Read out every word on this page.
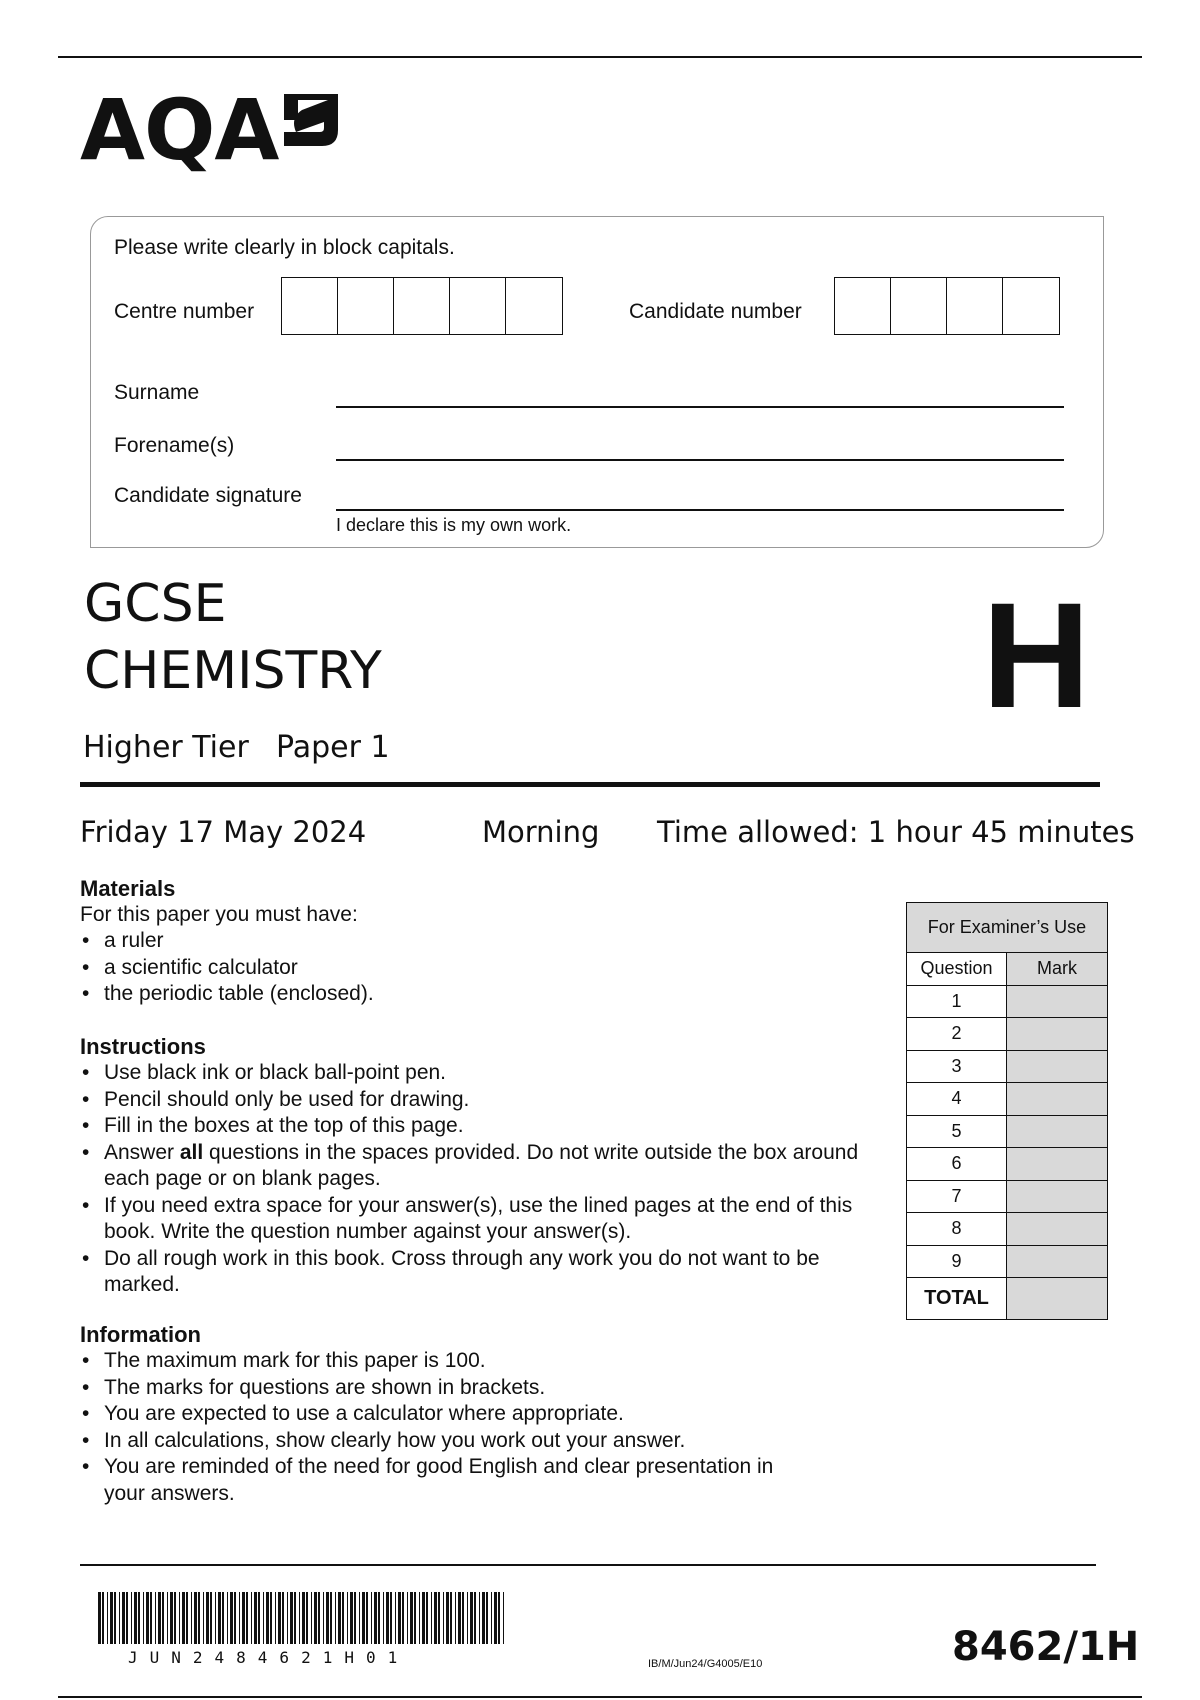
AQA
Please write clearly in block capitals.
Centre number	Candidate number
Surname
Forename(s)
Candidate signature
I declare this is my own work.
GCSE
CHEMISTRY
Higher Tier Paper 1
H
Friday 17 May 2024	Morning Time allowed: 1 hour 45 minutes
Materials
For this paper you must have:
• a ruler
• a scientific calculator
• the periodic table (enclosed).
Instructions
• Use black ink or black ball-point pen.
• Pencil should only be used for drawing.
• Fill in the boxes at the top of this page.
• Answer all questions in the spaces provided. Do not write outside the box around each page or on blank pages.
• If you need extra space for your answer(s), use the lined pages at the end of this book. Write the question number against your answer(s).
• Do all rough work in this book. Cross through any work you do not want to be marked.
Information
• The maximum mark for this paper is 100.
• The marks for questions are shown in brackets.
• You are expected to use a calculator where appropriate.
• In all calculations, show clearly how you work out your answer.
• You are reminded of the need for good English and clear presentation in your answers.
For Examiner’s Use	
Question	Mark
1	
2	
3	
4	
5	
6	
7	
8	
9	
TOTAL	
JUN2484621H01	IB/M/Jun24/G4005/E10	8462/1H
